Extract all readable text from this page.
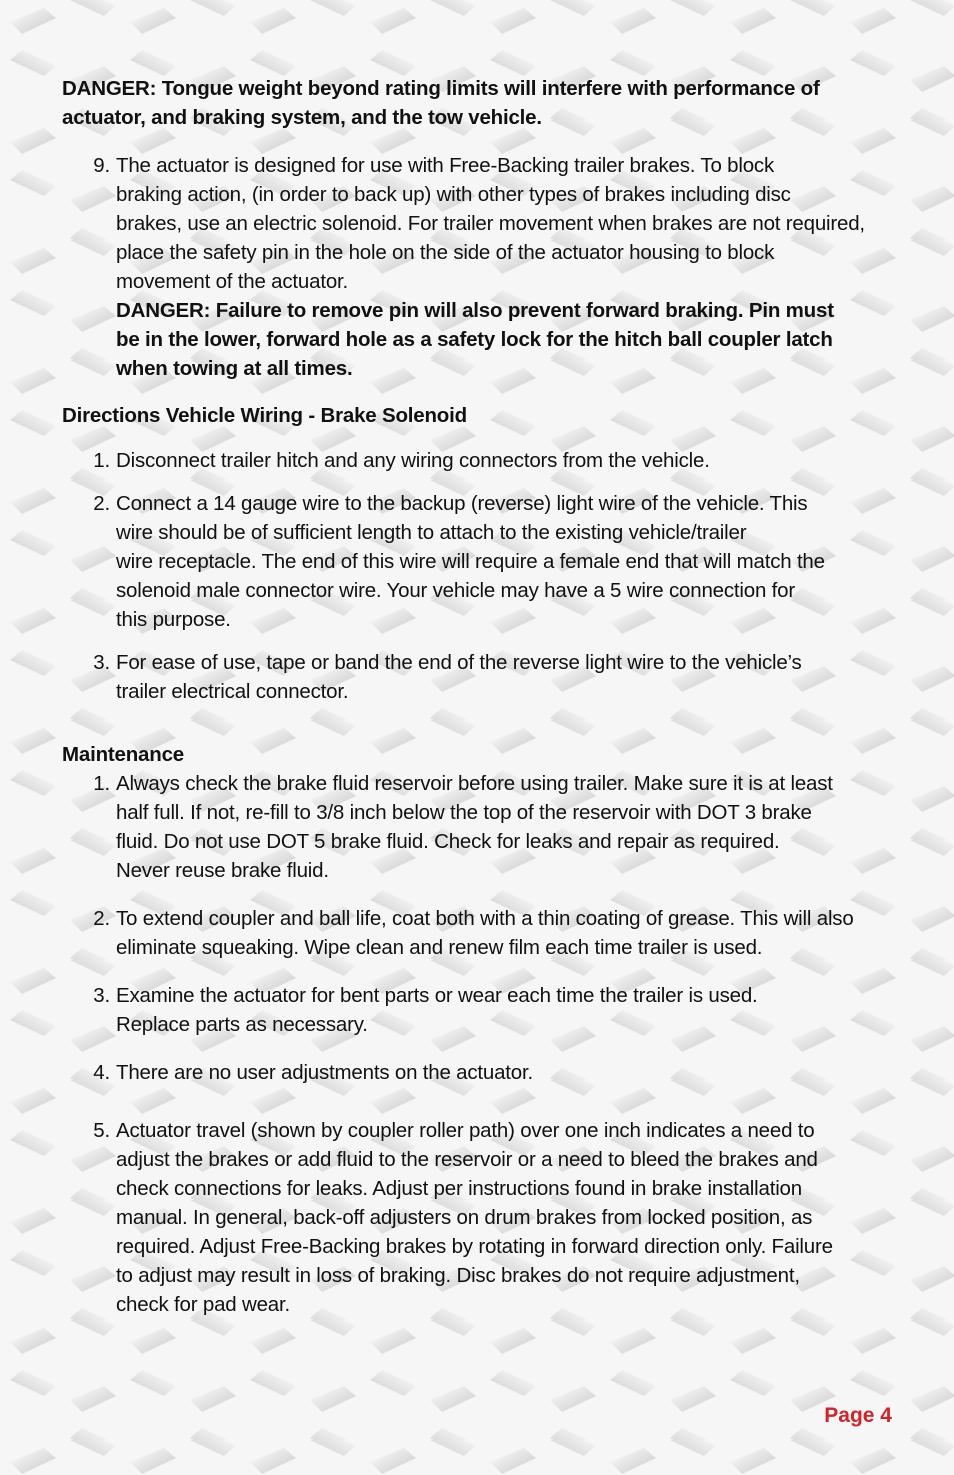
DANGER: Tongue weight beyond rating limits will interfere with performance of
actuator, and braking system, and the tow vehicle.
9. The actuator is designed for use with Free-Backing trailer brakes. To block
braking action, (in order to back up) with other types of brakes including disc
brakes, use an electric solenoid. For trailer movement when brakes are not required,
place the safety pin in the hole on the side of the actuator housing to block
movement of the actuator.
DANGER: Failure to remove pin will also prevent forward braking. Pin must
be in the lower, forward hole as a safety lock for the hitch ball coupler latch
when towing at all times.
Directions Vehicle Wiring - Brake Solenoid
1. Disconnect trailer hitch and any wiring connectors from the vehicle.
2. Connect a 14 gauge wire to the backup (reverse) light wire of the vehicle. This
wire should be of sufficient length to attach to the existing vehicle/trailer
wire receptacle. The end of this wire will require a female end that will match the
solenoid male connector wire. Your vehicle may have a 5 wire connection for
this purpose.
3. For ease of use, tape or band the end of the reverse light wire to the vehicle’s
trailer electrical connector.
Maintenance
1. Always check the brake fluid reservoir before using trailer. Make sure it is at least
half full. If not, re-fill to 3/8 inch below the top of the reservoir with DOT 3 brake
fluid. Do not use DOT 5 brake fluid. Check for leaks and repair as required.
Never reuse brake fluid.
2. To extend coupler and ball life, coat both with a thin coating of grease. This will also
eliminate squeaking. Wipe clean and renew film each time trailer is used.
3. Examine the actuator for bent parts or wear each time the trailer is used.
Replace parts as necessary.
4. There are no user adjustments on the actuator.
5. Actuator travel (shown by coupler roller path) over one inch indicates a need to
adjust the brakes or add fluid to the reservoir or a need to bleed the brakes and
check connections for leaks. Adjust per instructions found in brake installation
manual. In general, back-off adjusters on drum brakes from locked position, as
required. Adjust Free-Backing brakes by rotating in forward direction only. Failure
to adjust may result in loss of braking. Disc brakes do not require adjustment,
check for pad wear.
Page 4
